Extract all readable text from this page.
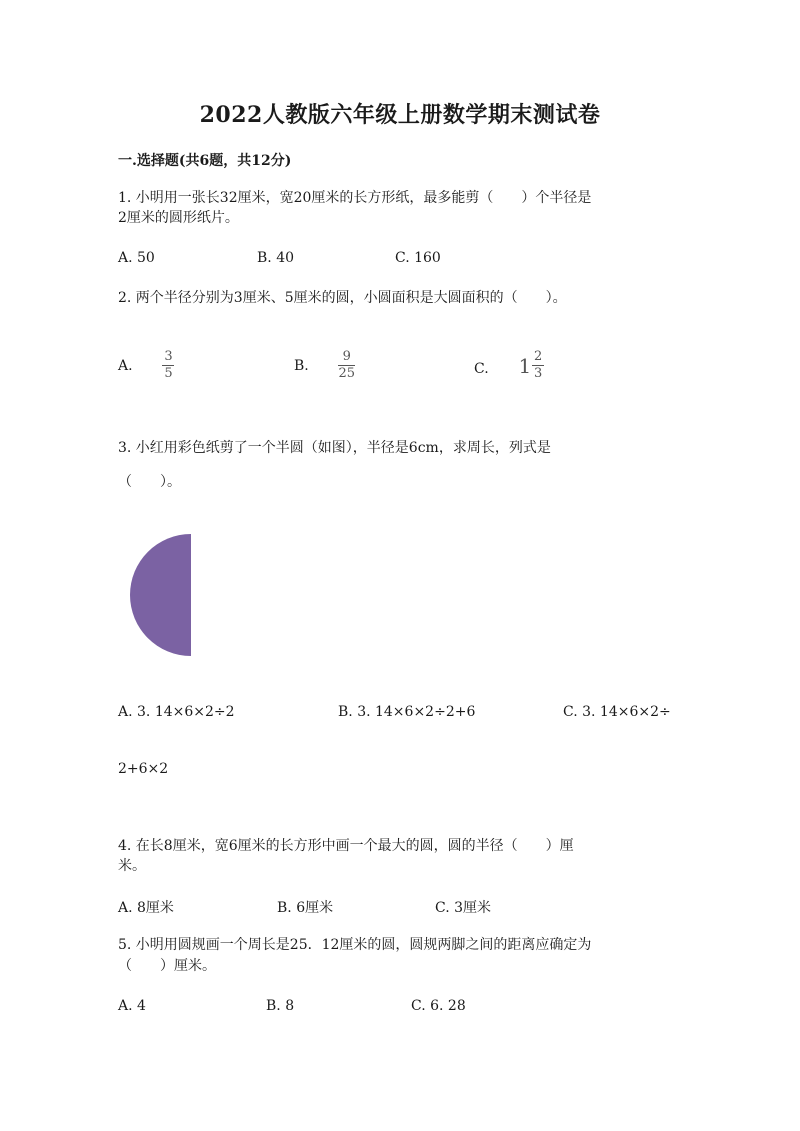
2022人教版六年级上册数学期末测试卷
一.选择题(共6题，共12分)
1. 小明用一张长32厘米，宽20厘米的长方形纸，最多能剪（　　）个半径是
2厘米的圆形纸片。
A. 50	B. 40	C. 160
2. 两个半径分别为3厘米、5厘米的圆，小圆面积是大圆面积的（　　）。
A. $\frac{3}{5}$	B. $\frac{9}{25}$	C. $1 \frac{2}{3}$
3. 小红用彩色纸剪了一个半圆（如图），半径是6cm，求周长，列式是
（　　）。
A. 3. 14×6×2÷2	B. 3. 14×6×2÷2+6	C. 3. 14×6×2÷
2+6×2
4. 在长8厘米，宽6厘米的长方形中画一个最大的圆，圆的半径（　　）厘
米。
A. 8厘米	B. 6厘米	C. 3厘米
5. 小明用圆规画一个周长是25．12厘米的圆，圆规两脚之间的距离应确定为
（　　）厘米。
A. 4	B. 8	C. 6. 28
